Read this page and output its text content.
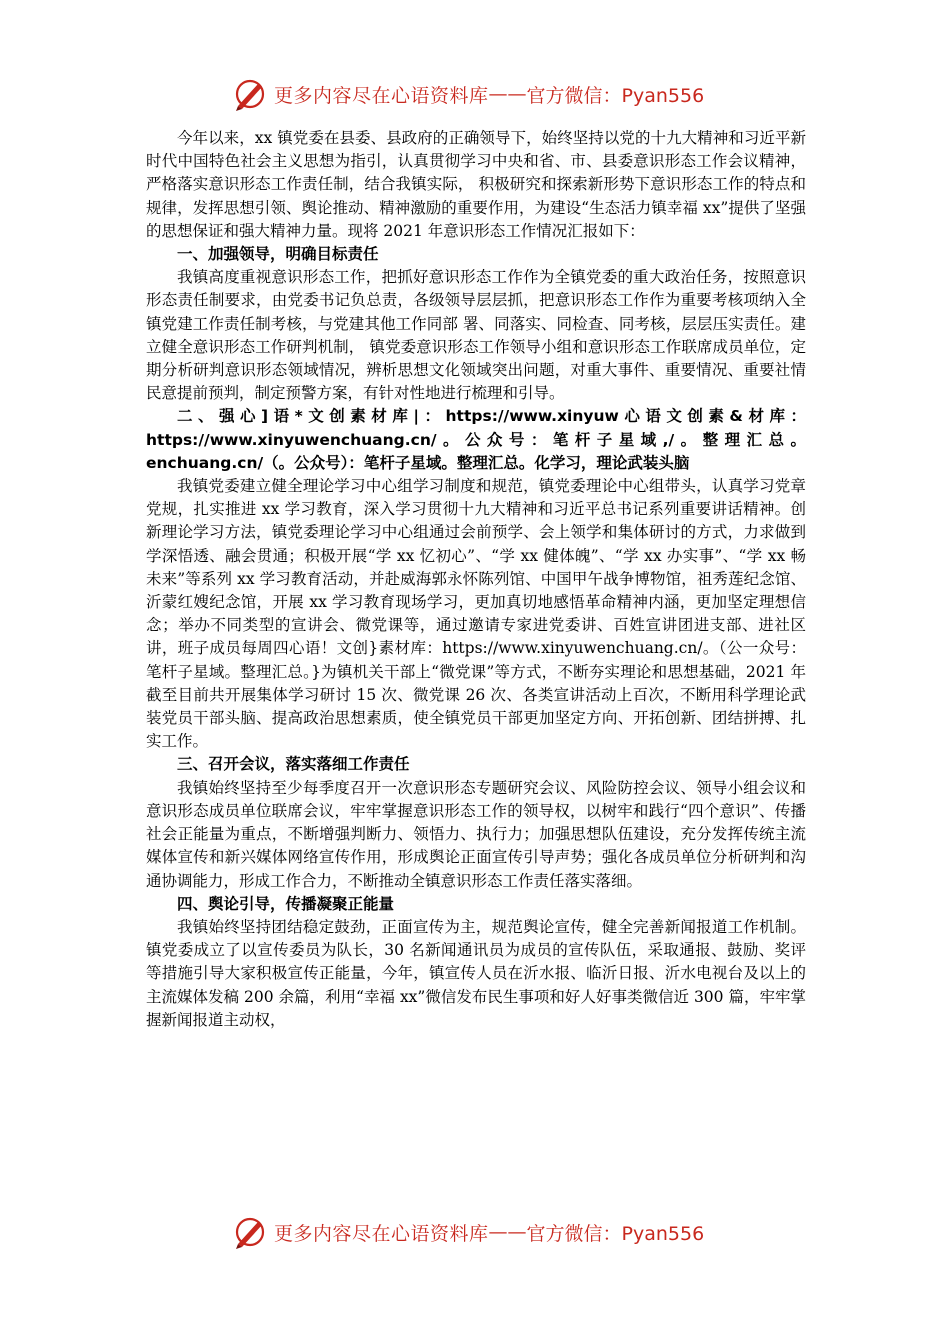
更多内容尽在心语资料库 —— 官方微信：Pyan556

今年以来，xx 镇党委在县委、县政府的正确领导下，始终坚持以党的十九大精神和习近平新时代中国特色社会主义思想为指引，认真贯彻学习中央和省、市、县委意识形态工作会议精神，严格落实意识形态工作责任制，结合我镇实际， 积极研究和探索新形势下意识形态工作的特点和规律，发挥思想引领、舆论推动、精神激励的重要作用，为建设“生态活力镇幸福 xx”提供了坚强的思想保证和强大精神力量。现将 2021 年意识形态工作情况汇报如下：

一、加强领导，明确目标责任

我镇高度重视意识形态工作，把抓好意识形态工作作为全镇党委的重大政治任务，按照意识形态责任制要求，由党委书记负总责，各级领导层层抓，把意识形态工作作为重要考核项纳入全镇党建工作责任制考核，与党建其他工作同部 署、同落实、同检查、同考核，层层压实责任。建立健全意识形态工作研判机制， 镇党委意识形态工作领导小组和意识形态工作联席成员单位，定期分析研判意识形态领域情况，辨析思想文化领域突出问题，对重大事件、重要情况、重要社情民意提前预判，制定预警方案，有针对性地进行梳理和引导。

二、强心]语*文创素材库|：https://www.xinyuw心语文创素&材库：https://www.xinyuwenchuang.cn/。公众号：笔杆子星域,/。整理汇总。enchuang.cn/（。公众号）：笔杆子星域。整理汇总。化学习，理论武装头脑

我镇党委建立健全理论学习中心组学习制度和规范，镇党委理论中心组带头，认真学习党章党规，扎实推进 xx 学习教育，深入学习贯彻十九大精神和习近平总书记系列重要讲话精神。创新理论学习方法，镇党委理论学习中心组通过会前预学、会上领学和集体研讨的方式，力求做到学深悟透、融会贯通；积极开展“学 xx 忆初心”、“学 xx 健体魄”、“学 xx 办实事”、“学 xx 畅未来”等系列 xx 学习教育活动，并赴威海郭永怀陈列馆、中国甲午战争博物馆，祖秀莲纪念馆、沂蒙红嫂纪念馆，开展 xx 学习教育现场学习，更加真切地感悟革命精神内涵，更加坚定理想信念；举办不同类型的宣讲会、微党课等，通过邀请专家进党委讲、百姓宣讲团进支部、进社区讲，班子成员每周四心语！文创}素材库：https://www.xinyuwenchuang.cn/。（公一众号：笔杆子星域。整理汇总。}为镇机关干部上“微党课”等方式，不断夯实理论和思想基础，2021 年截至目前共开展集体学习研讨 15 次、微党课 26 次、各类宣讲活动上百次，不断用科学理论武装党员干部头脑、提高政治思想素质，使全镇党员干部更加坚定方向、开拓创新、团结拼搏、扎实工作。

三、召开会议，落实落细工作责任

我镇始终坚持至少每季度召开一次意识形态专题研究会议、风险防控会议、领导小组会议和意识形态成员单位联席会议，牢牢掌握意识形态工作的领导权，以树牢和践行“四个意识”、传播社会正能量为重点，不断增强判断力、领悟力、执行力；加强思想队伍建设，充分发挥传统主流媒体宣传和新兴媒体网络宣传作用，形成舆论正面宣传引导声势；强化各成员单位分析研判和沟通协调能力，形成工作合力，不断推动全镇意识形态工作责任落实落细。

四、舆论引导，传播凝聚正能量

我镇始终坚持团结稳定鼓劲，正面宣传为主，规范舆论宣传，健全完善新闻报道工作机制。镇党委成立了以宣传委员为队长，30 名新闻通讯员为成员的宣传队伍，采取通报、鼓励、奖评等措施引导大家积极宣传正能量，今年，镇宣传人员在沂水报、临沂日报、沂水电视台及以上的主流媒体发稿 200 余篇，利用“幸福 xx”微信发布民生事项和好人好事类微信近 300 篇，牢牢掌握新闻报道主动权，

更多内容尽在心语资料库 —— 官方微信：Pyan556
